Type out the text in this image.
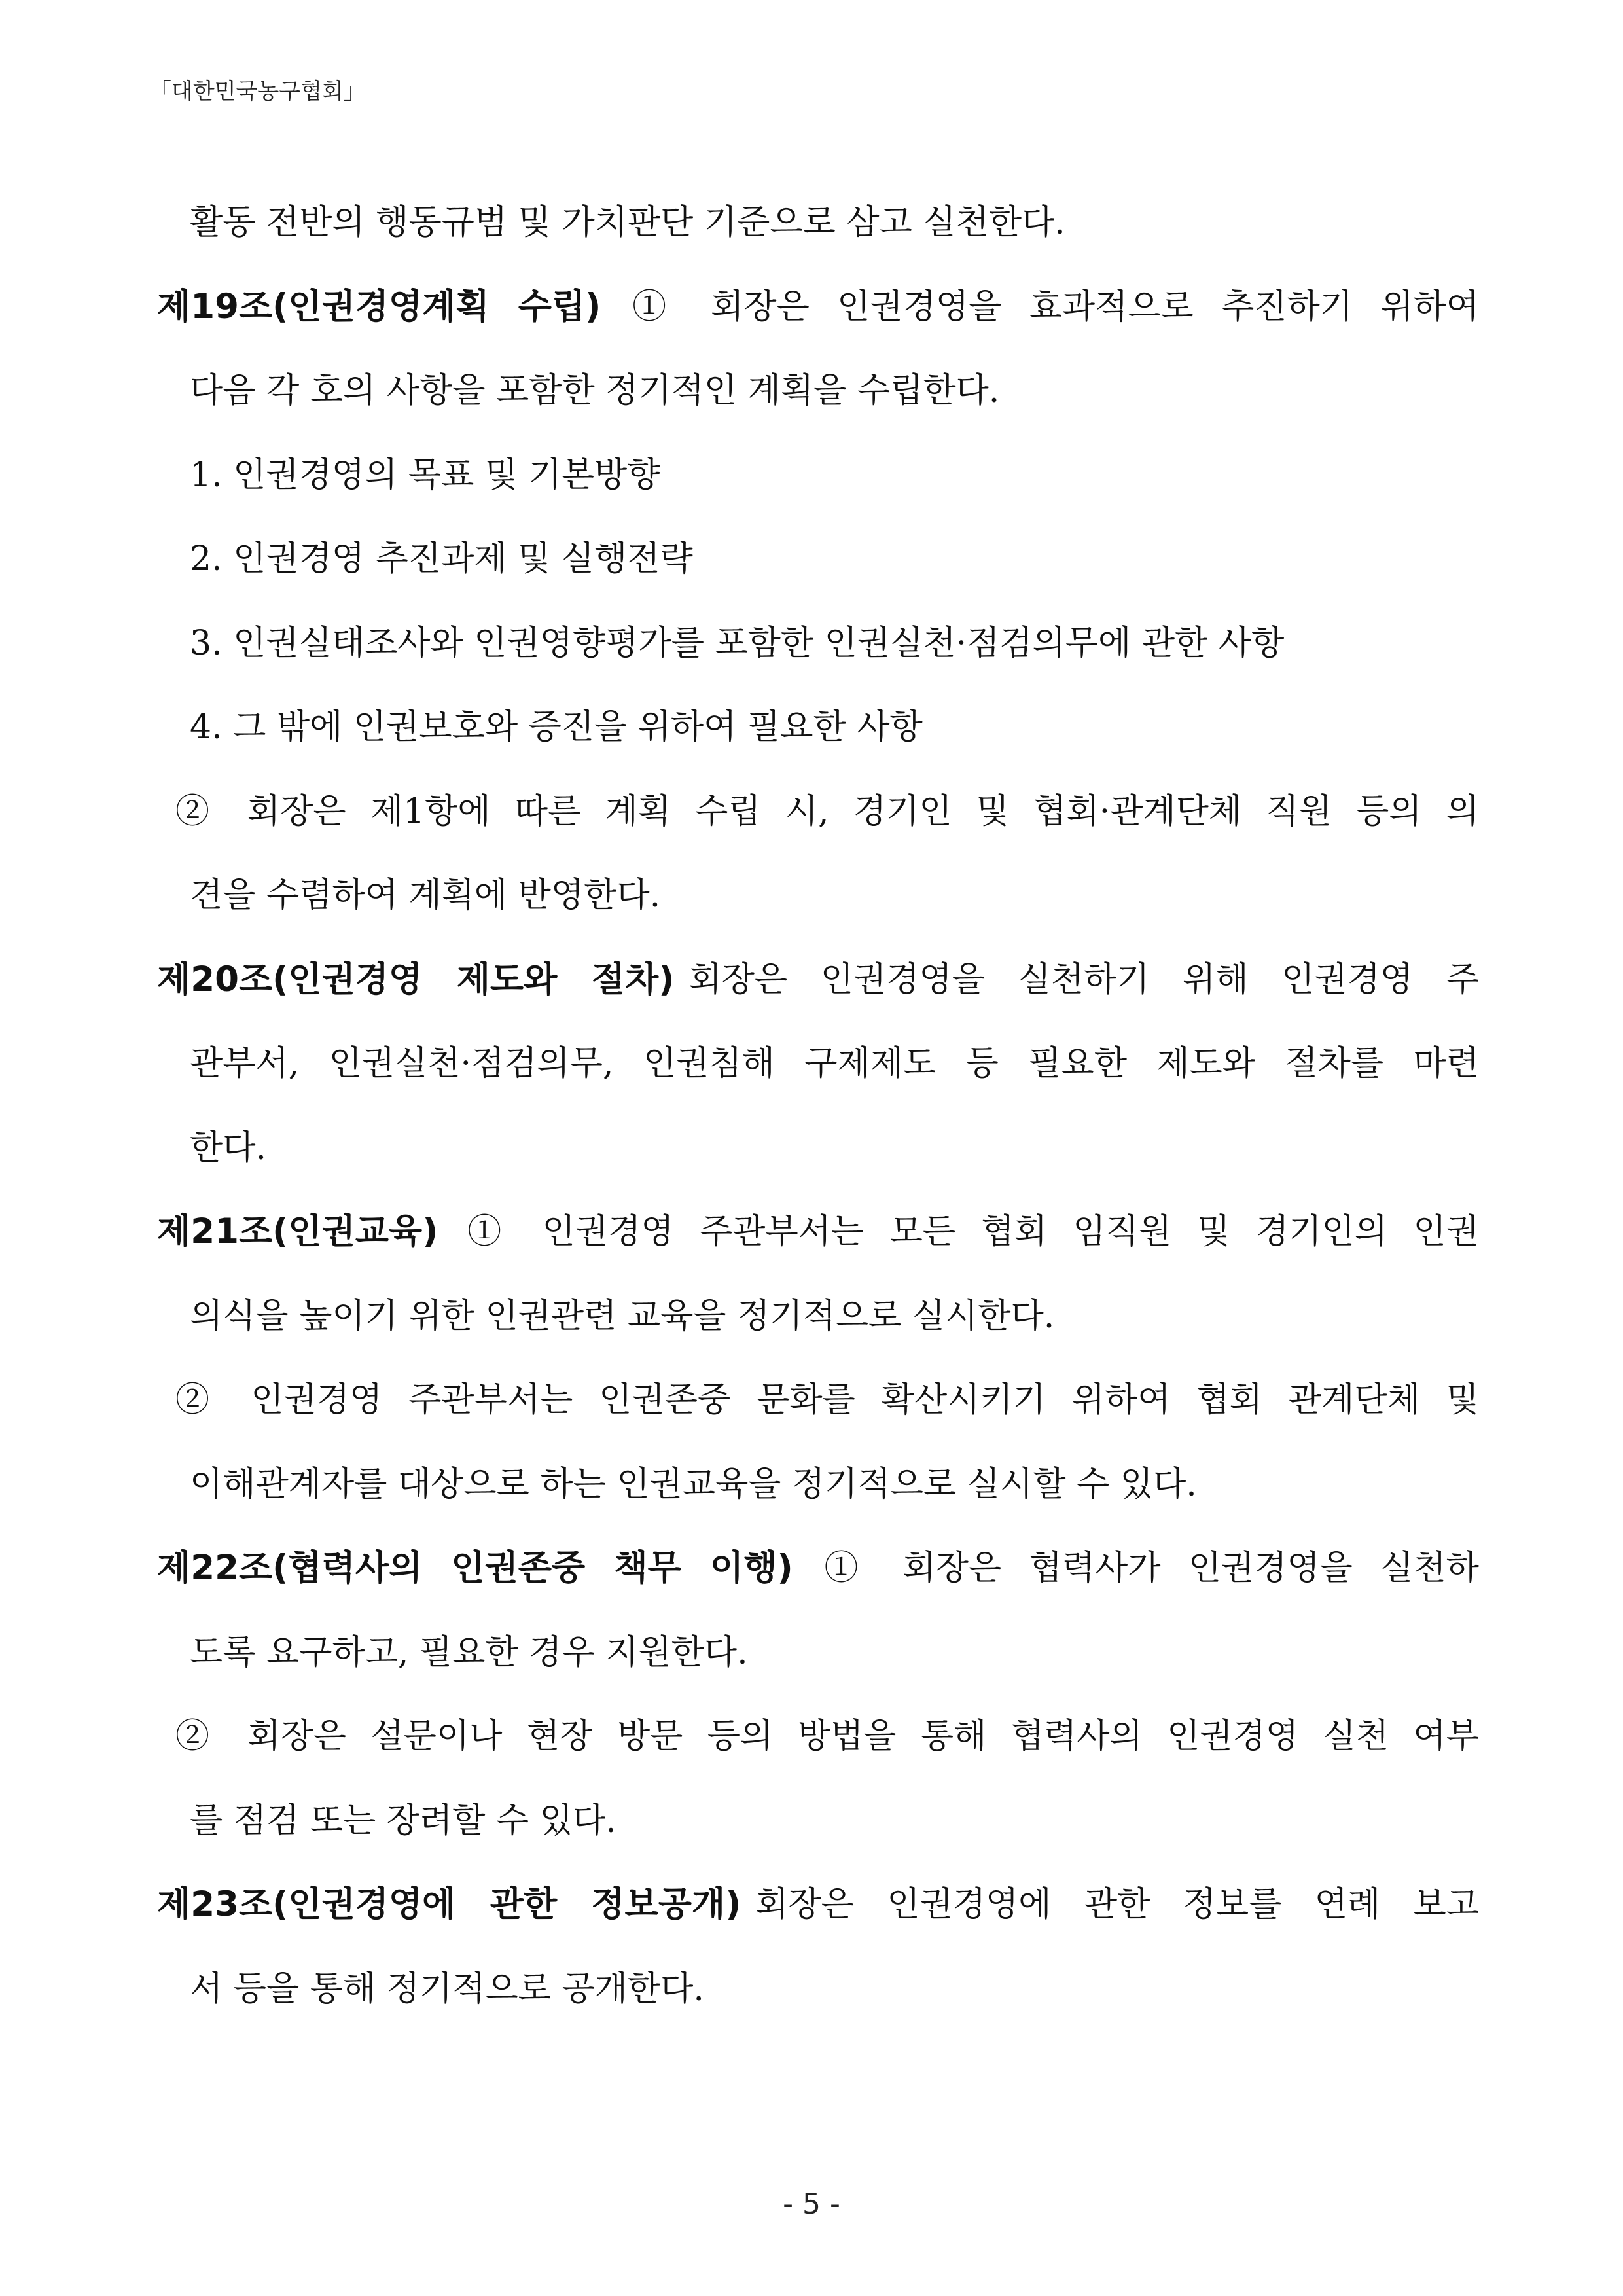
「대한민국농구협회」
활동 전반의 행동규범 및 가치판단 기준으로 삼고 실천한다.
제19조(인권경영계획 수립) ① 회장은 인권경영을 효과적으로 추진하기 위하여
다음 각 호의 사항을 포함한 정기적인 계획을 수립한다.
1. 인권경영의 목표 및 기본방향
2. 인권경영 추진과제 및 실행전략
3. 인권실태조사와 인권영향평가를 포함한 인권실천·점검의무에 관한 사항
4. 그 밖에 인권보호와 증진을 위하여 필요한 사항
② 회장은 제1항에 따른 계획 수립 시, 경기인 및 협회·관계단체 직원 등의 의
견을 수렴하여 계획에 반영한다.
제20조(인권경영 제도와 절차) 회장은 인권경영을 실천하기 위해 인권경영 주
관부서, 인권실천·점검의무, 인권침해 구제제도 등 필요한 제도와 절차를 마련
한다.
제21조(인권교육) ① 인권경영 주관부서는 모든 협회 임직원 및 경기인의 인권
의식을 높이기 위한 인권관련 교육을 정기적으로 실시한다.
② 인권경영 주관부서는 인권존중 문화를 확산시키기 위하여 협회 관계단체 및
이해관계자를 대상으로 하는 인권교육을 정기적으로 실시할 수 있다.
제22조(협력사의 인권존중 책무 이행) ① 회장은 협력사가 인권경영을 실천하
도록 요구하고, 필요한 경우 지원한다.
② 회장은 설문이나 현장 방문 등의 방법을 통해 협력사의 인권경영 실천 여부
를 점검 또는 장려할 수 있다.
제23조(인권경영에 관한 정보공개) 회장은 인권경영에 관한 정보를 연례 보고
서 등을 통해 정기적으로 공개한다.
- 5 -
